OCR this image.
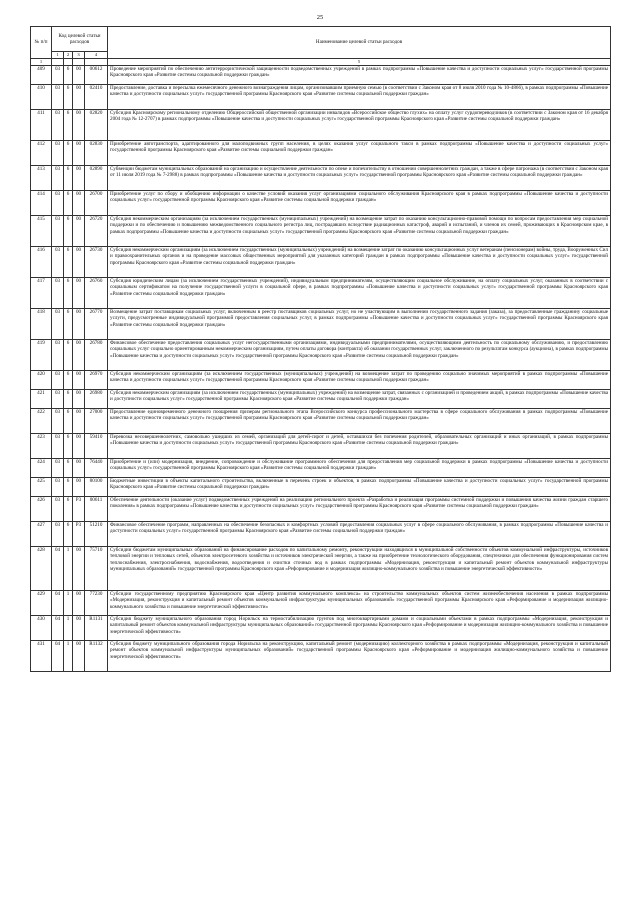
25
№ п/п	Код целевой статьи расходов				Наименование целевой статьи расходов
	1	2	3	4	
1					5
409	03	6	00	00612	Проведение мероприятий по обеспечению антитеррористической защищенности подведомственных учреждений в рамках подпрограммы «Повышение качества и доступности социальных услуг» государственной программы Красноярского края «Развитие системы социальной поддержки граждан»
410	03	6	00	02410	Предоставление, доставка и пересылка ежемесячного денежного вознаграждения лицам, организовавшим приемную семью (в соответствии с Законом края от 8 июля 2010 года № 10-4866), в рамках подпрограммы «Повышение качества и доступности социальных услуг» государственной программы Красноярского края «Развитие системы социальной поддержки граждан»
411	03	6	00	02820	Субсидия Красноярскому региональному отделению Общероссийской общественной организации инвалидов «Всероссийское общество глухих» на оплату услуг сурдопереводчиков (в соответствии с Законом края от 16 декабря 2004 года № 12-2707) в рамках подпрограммы «Повышение качества и доступности социальных услуг» государственной программы Красноярского края «Развитие системы социальной поддержки граждан»
412	03	6	00	02830	Приобретение автотранспорта, адаптированного для малоподвижных групп населения, в целях оказания услуг социального такси в рамках подпрограммы «Повышение качества и доступности социальных услуг» государственной программы Красноярского края «Развитие системы социальной поддержки граждан»
413	03	6	00	02890	Субвенции бюджетам муниципальных образований на организацию и осуществление деятельности по опеке и попечительству в отношении совершеннолетних граждан, а также в сфере патронажа (в соответствии с Законом края от 11 июля 2019 года № 7-2988) в рамках подпрограммы «Повышение качества и доступности социальных услуг» государственной программы Красноярского края «Развитие системы социальной поддержки граждан»
414	03	6	00	26700	Приобретение услуг по сбору и обобщению информации о качестве условий оказания услуг организациями социального обслуживания Красноярского края в рамках подпрограммы «Повышение качества и доступности социальных услуг» государственной программы Красноярского края «Развитие системы социальной поддержки граждан»
415	03	6	00	26720	Субсидия некоммерческим организациям (за исключением государственных (муниципальных) учреждений) на возмещение затрат по оказанию консультационно-правовой помощи по вопросам предоставления мер социальной поддержки и по обеспечению и повышению межведомственного социального регистра лиц, пострадавших вследствие радиационных катастроф, аварий и испытаний, и членов их семей, проживающих в Красноярском крае, в рамках подпрограммы «Повышение качества и доступности социальных услуг» государственной программы Красноярского края «Развитие системы социальной поддержки граждан»
416	03	6	00	26730	Субсидия некоммерческим организациям (за исключением государственных (муниципальных) учреждений) на возмещение затрат по оказанию консультационных услуг ветеранам (пенсионерам) войны, труда, Вооруженных Сил и правоохранительных органов и на проведение массовых общественных мероприятий для указанных категорий граждан в рамках подпрограммы «Повышение качества и доступности социальных услуг» государственной программы Красноярского края «Развитие системы социальной поддержки граждан»
417	03	6	00	26760	Субсидия юридическим лицам (за исключением государственных учреждений), индивидуальным предпринимателям, осуществляющим социальное обслуживание, на оплату социальных услуг, оказанных в соответствии с социальным сертификатом на получение государственной услуги в социальной сфере, в рамках подпрограммы «Повышение качества и доступности социальных услуг» государственной программы Красноярского края «Развитие системы социальной поддержки граждан»
418	03	6	00	26770	Возмещение затрат поставщикам социальных услуг, включенным в реестр поставщиков социальных услуг, но не участвующим в выполнении государственного задания (заказа), за предоставленные гражданину социальные услуги, предусмотренные индивидуальной программой предоставления социальных услуг, в рамках подпрограммы «Повышение качества и доступности социальных услуг» государственной программы Красноярского края «Развитие системы социальной поддержки граждан»
419	03	6	00	26780	Финансовое обеспечение предоставления социальных услуг негосударственными организациями, индивидуальными предпринимателями, осуществляющими деятельность по социальному обслуживанию, и предоставлению социальных услуг социально ориентированным некоммерческим организациям, путем оплаты договора (контракта) об оказании государственных услуг, заключенного по результатам конкурса (аукциона), в рамках подпрограммы «Повышение качества и доступности социальных услуг» государственной программы Красноярского края «Развитие системы социальной поддержки граждан»
420	03	6	00	26970	Субсидия некоммерческим организациям (за исключением государственных (муниципальных) учреждений) на возмещение затрат по проведению социально значимых мероприятий в рамках подпрограммы «Повышение качества и доступности социальных услуг» государственной программы Красноярского края «Развитие системы социальной поддержки граждан»
421	03	6	00	26980	Субсидия некоммерческим организациям (за исключением государственных (муниципальных) учреждений) на возмещение затрат, связанных с организацией и проведением акций, в рамках подпрограммы «Повышение качества и доступности социальных услуг» государственной программы Красноярского края «Развитие системы социальной поддержки граждан»
422	03	6	00	27000	Предоставление единовременного денежного поощрения призерам регионального этапа Всероссийского конкурса профессионального мастерства в сфере социального обслуживания в рамках подпрограммы «Повышение качества и доступности социальных услуг» государственной программы Красноярского края «Развитие системы социальной поддержки граждан»
423	03	6	00	59410	Перевозка несовершеннолетних, самовольно ушедших из семей, организаций для детей-сирот и детей, оставшихся без попечения родителей, образовательных организаций и иных организаций, в рамках подпрограммы «Повышение качества и доступности социальных услуг» государственной программы Красноярского края «Развитие системы социальной поддержки граждан»
424	03	6	00	76440	Приобретение и (или) модернизация, внедрение, сопровождение и обслуживание программного обеспечения для предоставления мер социальной поддержки в рамках подпрограммы «Повышение качества и доступности социальных услуг» государственной программы Красноярского края «Развитие системы социальной поддержки граждан»
425	03	6	00	80100	Бюджетные инвестиции в объекты капитального строительства, включенные в перечень строек и объектов, в рамках подпрограммы «Повышение качества и доступности социальных услуг» государственной программы Красноярского края «Развитие системы социальной поддержки граждан»
426	03	6	P3	00611	Обеспечение деятельности (оказание услуг) подведомственных учреждений на реализацию регионального проекта «Разработка и реализация программы системной поддержки и повышения качества жизни граждан старшего поколения» в рамках подпрограммы «Повышение качества и доступности социальных услуг» государственной программы Красноярского края «Развитие системы социальной поддержки граждан»
427	03	6	P3	51210	Финансовое обеспечение программ, направленных на обеспечение безопасных и комфортных условий предоставления социальных услуг в сфере социального обслуживания, в рамках подпрограммы «Повышение качества и доступности социальных услуг» государственной программы Красноярского края «Развитие системы социальной поддержки граждан»
428	04	1	00	75710	Субсидии бюджетам муниципальных образований на финансирование расходов по капитальному ремонту, реконструкции находящихся в муниципальной собственности объектов коммунальной инфраструктуры, источников тепловой энергии и тепловых сетей, объектов электросетевого хозяйства и источников электрической энергии, а также на приобретение технологического оборудования, спецтехники для обеспечения функционирования систем теплоснабжения, электроснабжения, водоснабжения, водоотведения и очистки сточных вод в рамках подпрограммы «Модернизация, реконструкция и капитальный ремонт объектов коммунальной инфраструктуры муниципальных образований» государственной программы Красноярского края «Реформирование и модернизация жилищно-коммунального хозяйства и повышение энергетической эффективности»
429	04	1	00	77230	Субсидии государственному предприятию Красноярского края «Центр развития коммунального комплекса» на строительство коммунальных объектов систем жизнеобеспечения населения в рамках подпрограммы «Модернизация, реконструкция и капитальный ремонт объектов коммунальной инфраструктуры муниципальных образований» государственной программы Красноярского края «Реформирование и модернизация жилищно-коммунального хозяйства и повышение энергетической эффективности»
430	04	1	00	R1131	Субсидия бюджету муниципального образования город Норильск на термостабилизацию грунтов под многоквартирными домами и социальными объектами в рамках подпрограммы «Модернизация, реконструкция и капитальный ремонт объектов коммунальной инфраструктуры муниципальных образований» государственной программы Красноярского края «Реформирование и модернизация жилищно-коммунального хозяйства и повышение энергетической эффективности»
431	04	1	00	R1132	Субсидия бюджету муниципального образования города Норильска на реконструкцию, капитальный ремонт (модернизацию) коллекторного хозяйства в рамках подпрограммы «Модернизация, реконструкция и капитальный ремонт объектов коммунальной инфраструктуры муниципальных образований» государственной программы Красноярского края «Реформирование и модернизация жилищно-коммунального хозяйства и повышение энергетической эффективности»
